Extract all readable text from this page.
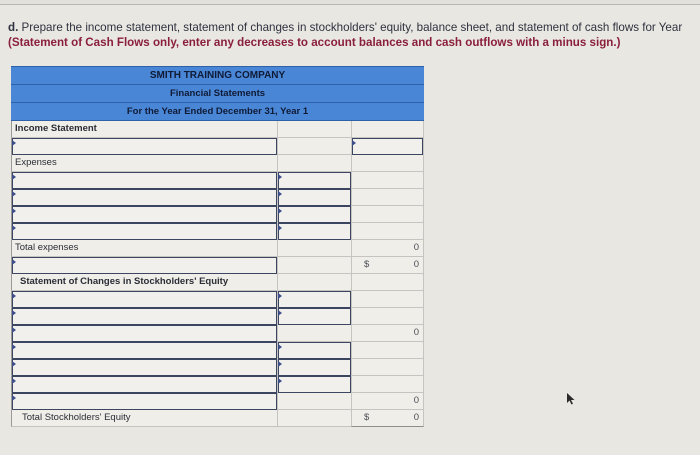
d. Prepare the income statement, statement of changes in stockholders' equity, balance sheet, and statement of cash flows for Year
(Statement of Cash Flows only, enter any decreases to account balances and cash outflows with a minus sign.)
SMITH TRAINING COMPANY
Financial Statements
For the Year Ended December 31, Year 1
Income Statement
Expenses
Total expenses	0
$	0
Statement of Changes in Stockholders' Equity
0
0
Total Stockholders' Equity	$	0
